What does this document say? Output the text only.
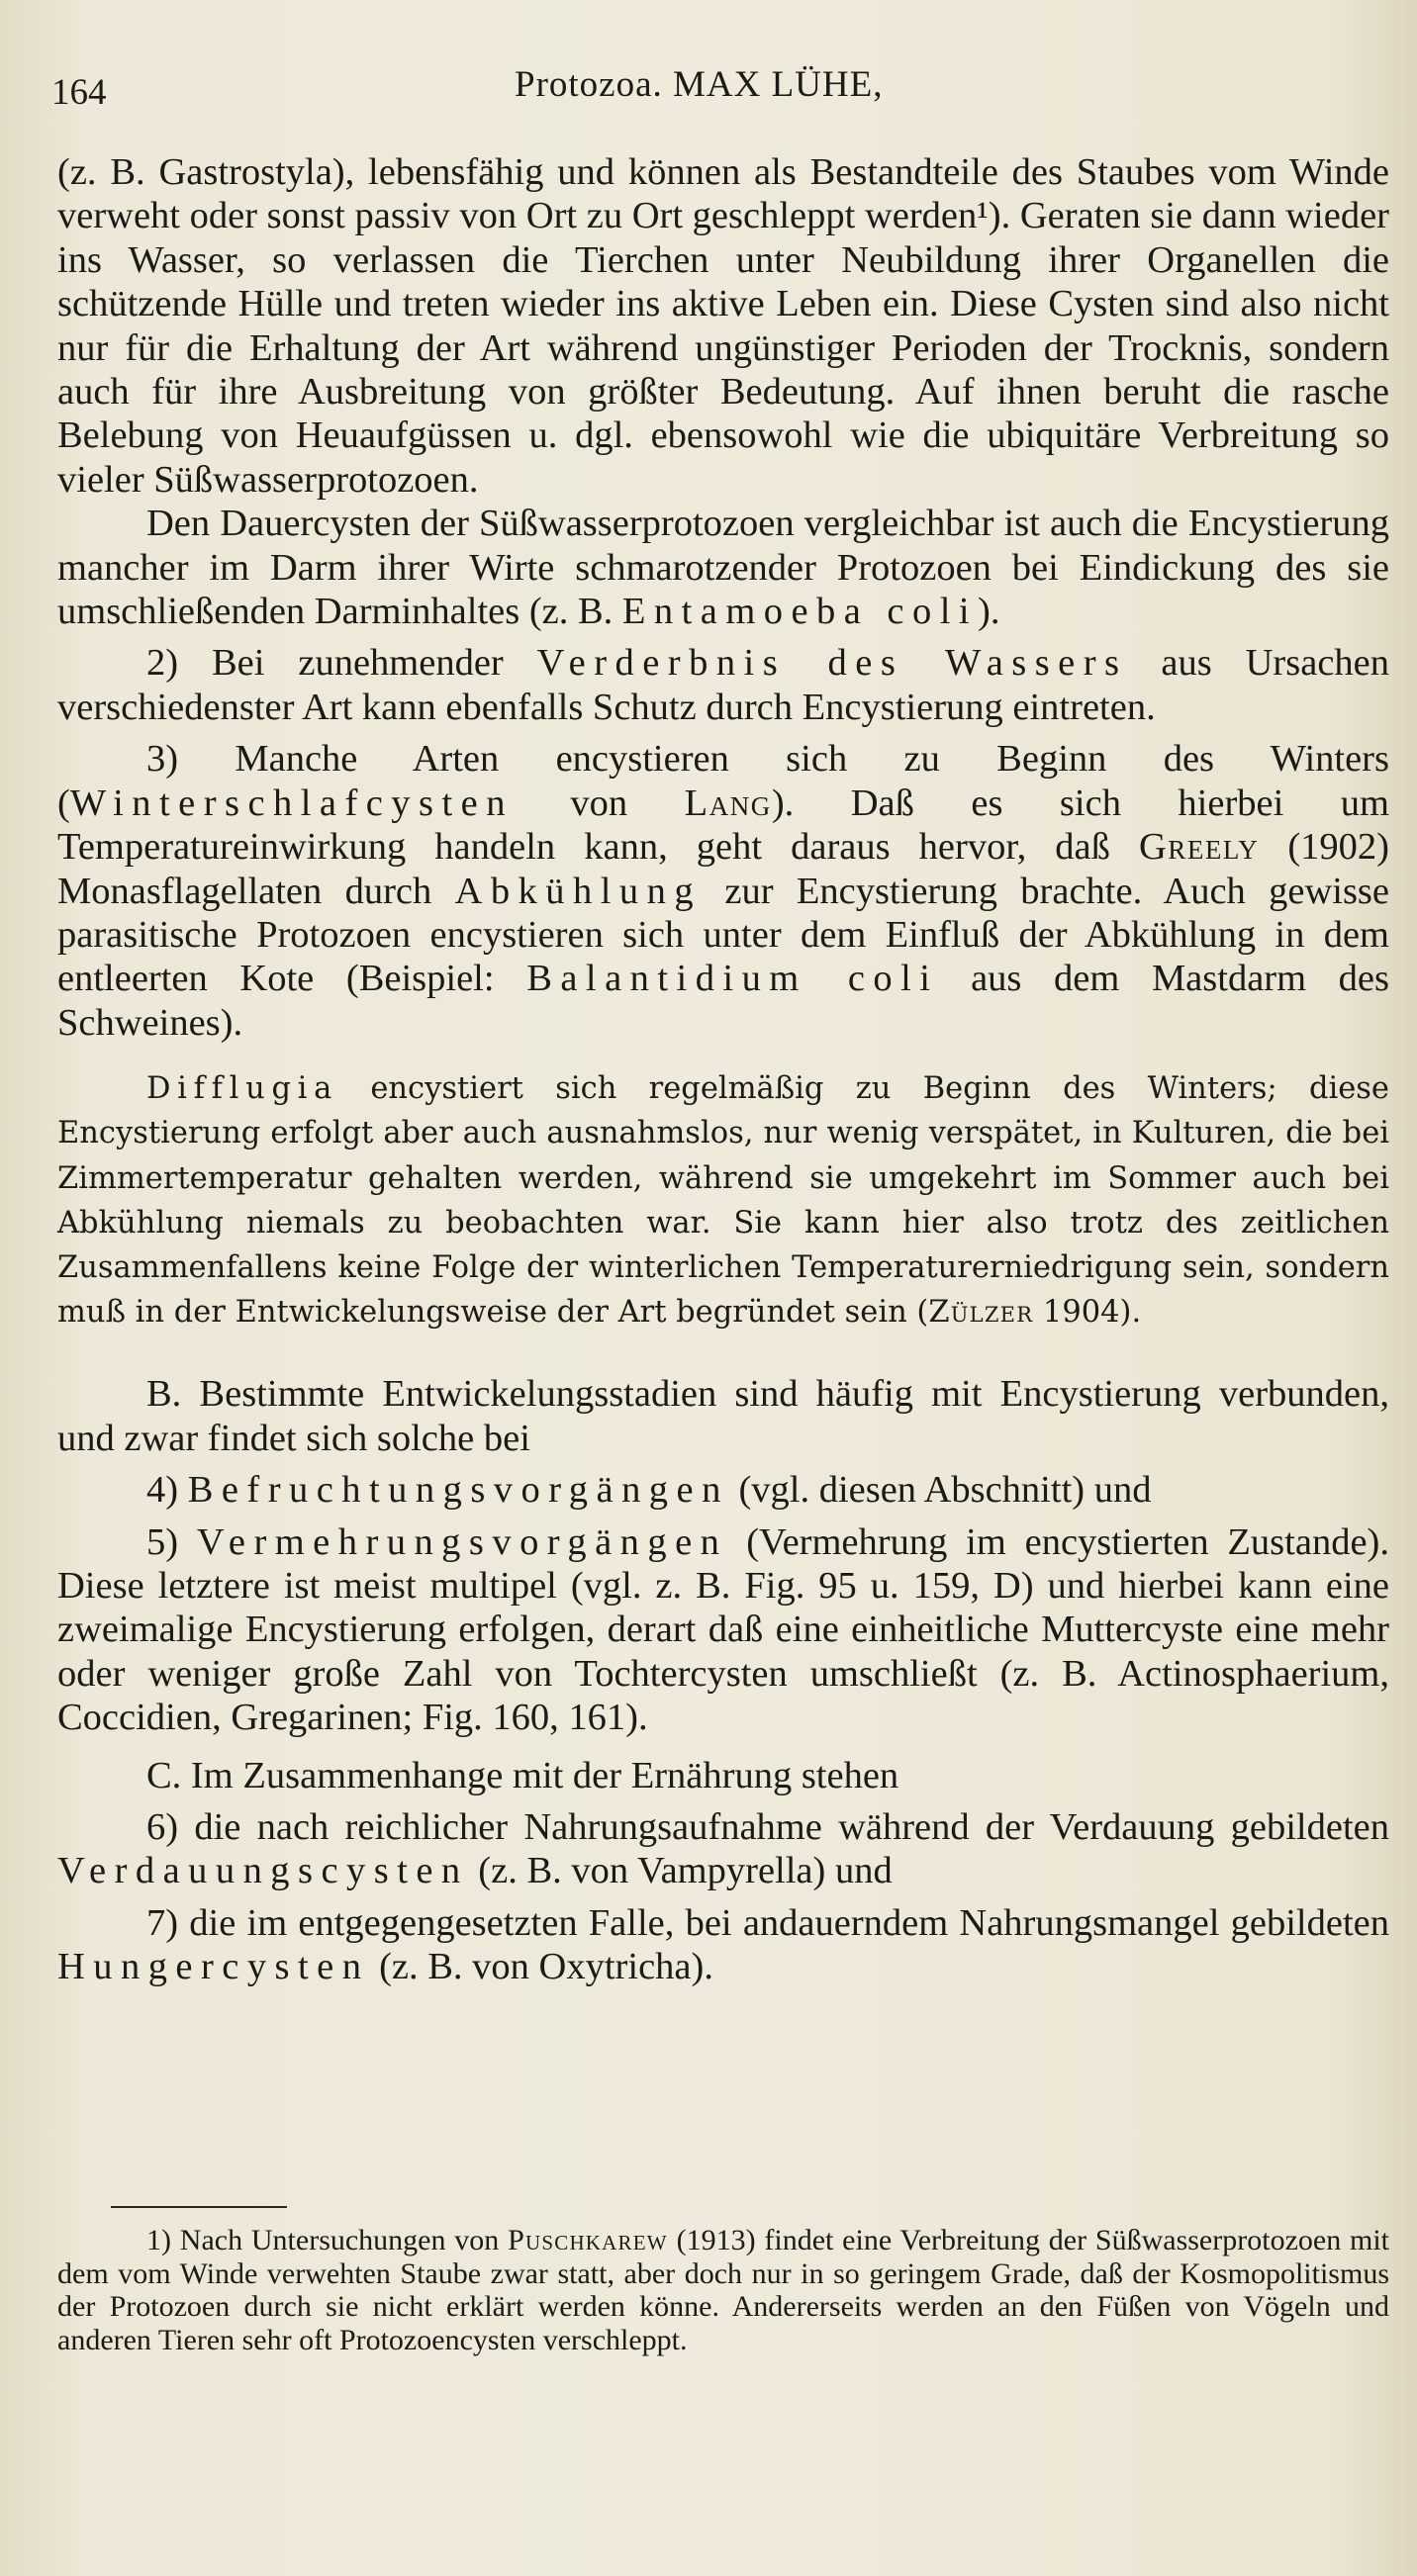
164	Protozoa. MAX LÜHE,

(z. B. Gastrostyla), lebensfähig und können als Bestandteile des Staubes vom Winde verweht oder sonst passiv von Ort zu Ort geschleppt werden¹). Geraten sie dann wieder ins Wasser, so verlassen die Tierchen unter Neubildung ihrer Organellen die schützende Hülle und treten wieder ins aktive Leben ein. Diese Cysten sind also nicht nur für die Erhaltung der Art während ungünstiger Perioden der Trocknis, sondern auch für ihre Ausbreitung von größter Bedeutung. Auf ihnen beruht die rasche Belebung von Heuaufgüssen u. dgl. ebensowohl wie die ubiquitäre Verbreitung so vieler Süßwasserprotozoen.

Den Dauercysten der Süßwasserprotozoen vergleichbar ist auch die Encystierung mancher im Darm ihrer Wirte schmarotzender Protozoen bei Eindickung des sie umschließenden Darminhaltes (z. B. Entamoeba coli).

2) Bei zunehmender Verderbnis des Wassers aus Ursachen verschiedenster Art kann ebenfalls Schutz durch Encystierung eintreten.

3) Manche Arten encystieren sich zu Beginn des Winters (Winterschlafcysten von Lang). Daß es sich hierbei um Temperatureinwirkung handeln kann, geht daraus hervor, daß Greely (1902) Monasflagellaten durch Abkühlung zur Encystierung brachte. Auch gewisse parasitische Protozoen encystieren sich unter dem Einfluß der Abkühlung in dem entleerten Kote (Beispiel: Balantidium coli aus dem Mastdarm des Schweines).

Difflugia encystiert sich regelmäßig zu Beginn des Winters; diese Encystierung erfolgt aber auch ausnahmslos, nur wenig verspätet, in Kulturen, die bei Zimmertemperatur gehalten werden, während sie umgekehrt im Sommer auch bei Abkühlung niemals zu beobachten war. Sie kann hier also trotz des zeitlichen Zusammenfallens keine Folge der winterlichen Temperaturerniedrigung sein, sondern muß in der Entwickelungsweise der Art begründet sein (Zülzer 1904).

B. Bestimmte Entwickelungsstadien sind häufig mit Encystierung verbunden, und zwar findet sich solche bei

4) Befruchtungsvorgängen (vgl. diesen Abschnitt) und

5) Vermehrungsvorgängen (Vermehrung im encystierten Zustande). Diese letztere ist meist multipel (vgl. z. B. Fig. 95 u. 159, D) und hierbei kann eine zweimalige Encystierung erfolgen, derart daß eine einheitliche Muttercyste eine mehr oder weniger große Zahl von Tochtercysten umschließt (z. B. Actinosphaerium, Coccidien, Gregarinen; Fig. 160, 161).

C. Im Zusammenhange mit der Ernährung stehen

6) die nach reichlicher Nahrungsaufnahme während der Verdauung gebildeten Verdauungscysten (z. B. von Vampyrella) und

7) die im entgegengesetzten Falle, bei andauerndem Nahrungsmangel gebildeten Hungercysten (z. B. von Oxytricha).

1) Nach Untersuchungen von Puschkarew (1913) findet eine Verbreitung der Süßwasserprotozoen mit dem vom Winde verwehten Staube zwar statt, aber doch nur in so geringem Grade, daß der Kosmopolitismus der Protozoen durch sie nicht erklärt werden könne. Andererseits werden an den Füßen von Vögeln und anderen Tieren sehr oft Protozoencysten verschleppt.
